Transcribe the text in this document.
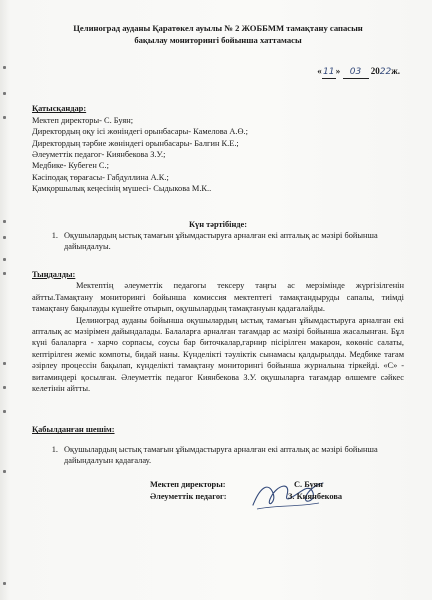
Целиноград ауданы Қаратөкел ауылы № 2 ЖОББММ тамақтану сапасын
бақылау мониторингі бойынша хаттамасы

«11» 03 2022ж.

Қатысқандар:

Мектеп директоры- С. Буян;

Директордың оқу ісі жөніндегі орынбасары- Камелова А.Ө.;

Директордың тәрбие жөніндегі орынбасары- Балгин К.Е.;

Әлеуметтік педагог- Киянбекова З.У.;

Медбике- Кубеген С.;

Кәсіподақ төрағасы- Габдуллина А.К.;

Қамқоршылық кеңесінің мүшесі- Сыдыкова М.К..

Күн тәртібінде:

1. Оқушылардың ыстық тамағын ұйымдастыруға арналған екі апталық ас мәзірі бойынша дайындалуы.

Тыңдалды:

Мектептің әлеуметтік педагогы тексеру таңғы ас мерзімінде жүргізілгенін айтты.Тамақтану мониторингі бойынша комиссия мектептегі тамақтандыруды сапалы, тиімді тамақтану бақылауды күшейте отырып, оқушылардың тамақтануын қадағалайды.

Целиноград ауданы бойынша оқушылардың ыстық тамағын ұйымдастыруға арналған екі апталық ас мәзірімен дайындалады. Балаларға арналған тағамдар ас мәзірі бойынша жасалынған. Бұл күні балаларға - харчо сорпасы, соусы бар биточкалар,гарнир пісірілген макарон, көкөніс салаты, кептірілген жеміс компоты, бидай наны. Күнделікті тәуліктік сынамасы қалдырылды. Медбике тағам әзірлеу процессін бақылап, күнделікті тамақтану мониторингі бойынша журналына тіркейді. «С» - витаминдері қосылған. Әлеуметтік педагог Киянбекова З.У. оқушыларға тағамдар өлшемге сәйкес келетінін айтты.

Қабылданған шешім:

1. Оқушылардың ыстық тамағын ұйымдастыруға арналған екі апталық ас мәзірі бойынша дайындалуын қадағалау.
Мектеп директоры:	С. Буян
Әлеуметтік педагог:	З. Киянбекова
